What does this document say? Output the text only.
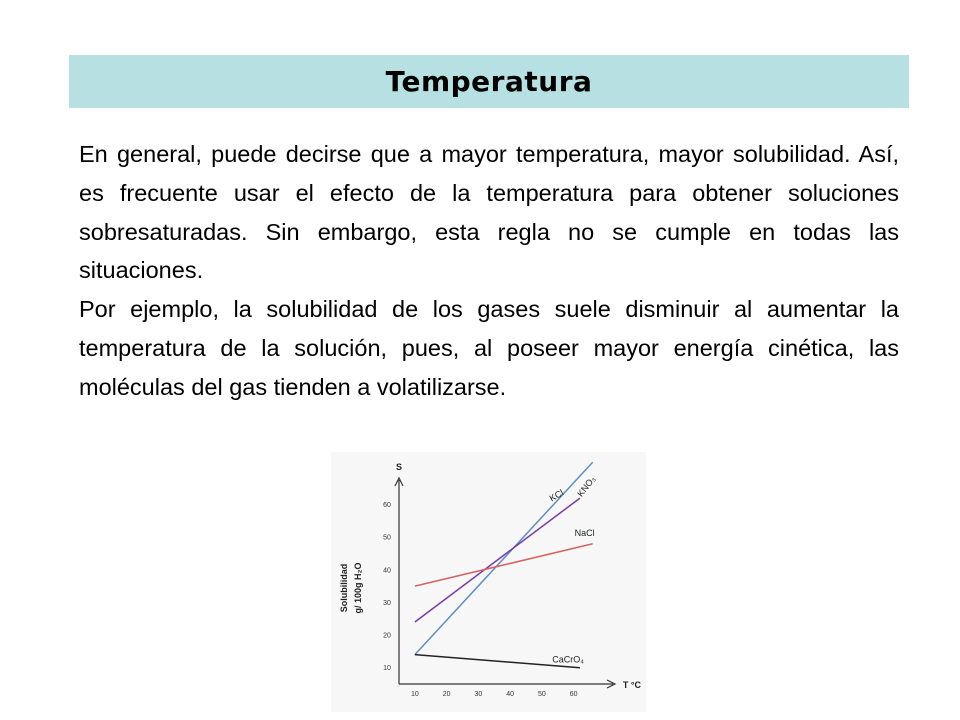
Temperatura

En general, puede decirse que a mayor temperatura, mayor solubilidad. Así, es frecuente usar el efecto de la temperatura para obtener soluciones sobresaturadas. Sin embargo, esta regla no se cumple en todas las situaciones.

Por ejemplo, la solubilidad de los gases suele disminuir al aumentar la temperatura de la solución, pues, al poseer mayor energía cinética, las moléculas del gas tienden a volatilizarse.

10	20	30	40	50	60
10
20
30
40
50
60
S
T °C
Solubilidad g/ 100g H₂O
KNO₃
KCl
NaCl
CaCrO₄
